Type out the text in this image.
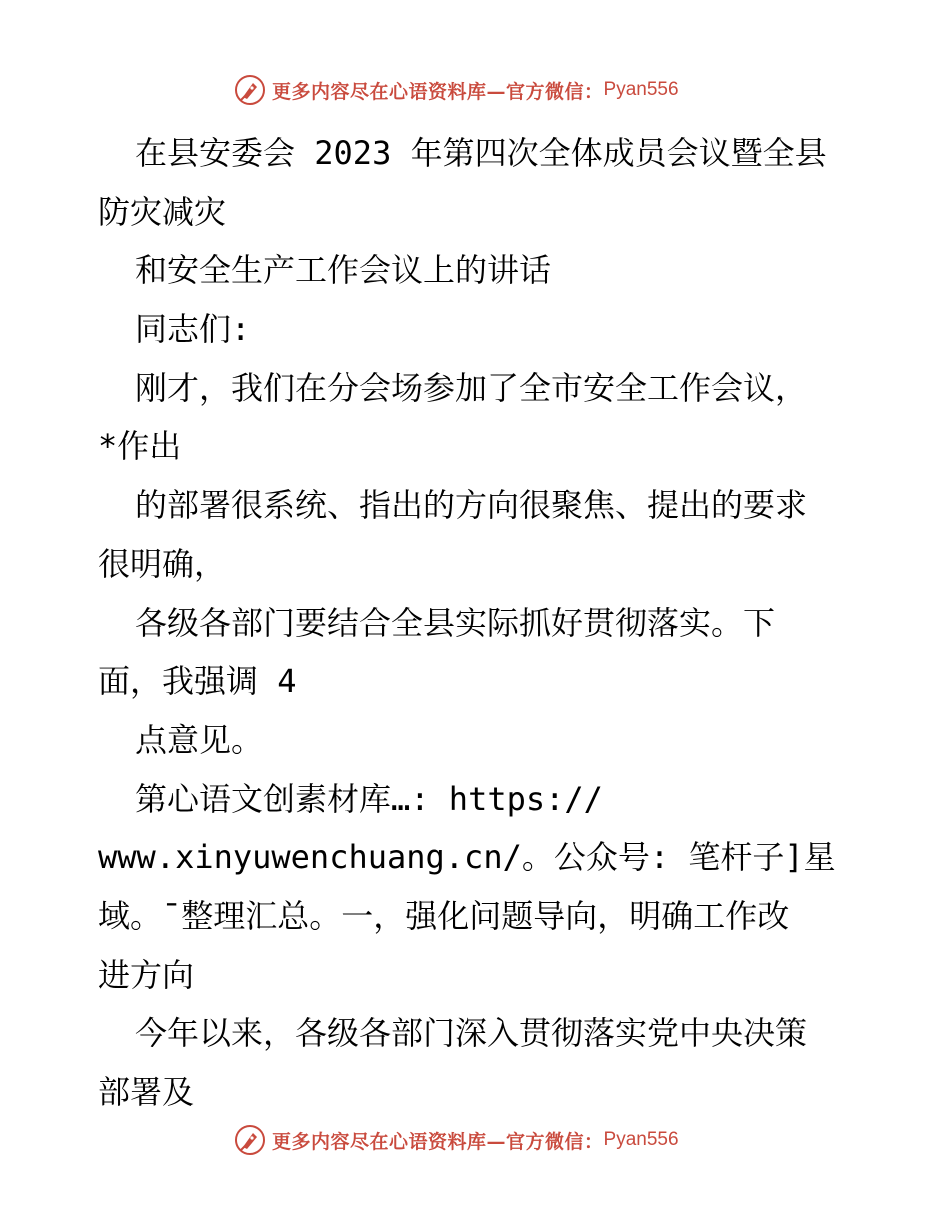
更多内容尽在心语资料库— 官方微信： Pyan556
在县安委会 2023 年第四次全体成员会议暨全县
防灾减灾
和安全生产工作会议上的讲话
同志们:
刚才，我们在分会场参加了全市安全工作会议，
*作出
的部署很系统、指出的方向很聚焦、提出的要求
很明确，
各级各部门要结合全县实际抓好贯彻落实。下
面，我强调 4
点意见。
第心语文创素材库…: https://
www.xinyuwenchuang.cn/。公众号: 笔杆子]星
域。¯整理汇总。一，强化问题导向，明确工作改
进方向
今年以来，各级各部门深入贯彻落实党中央决策
部署及
更多内容尽在心语资料库— 官方微信： Pyan556
